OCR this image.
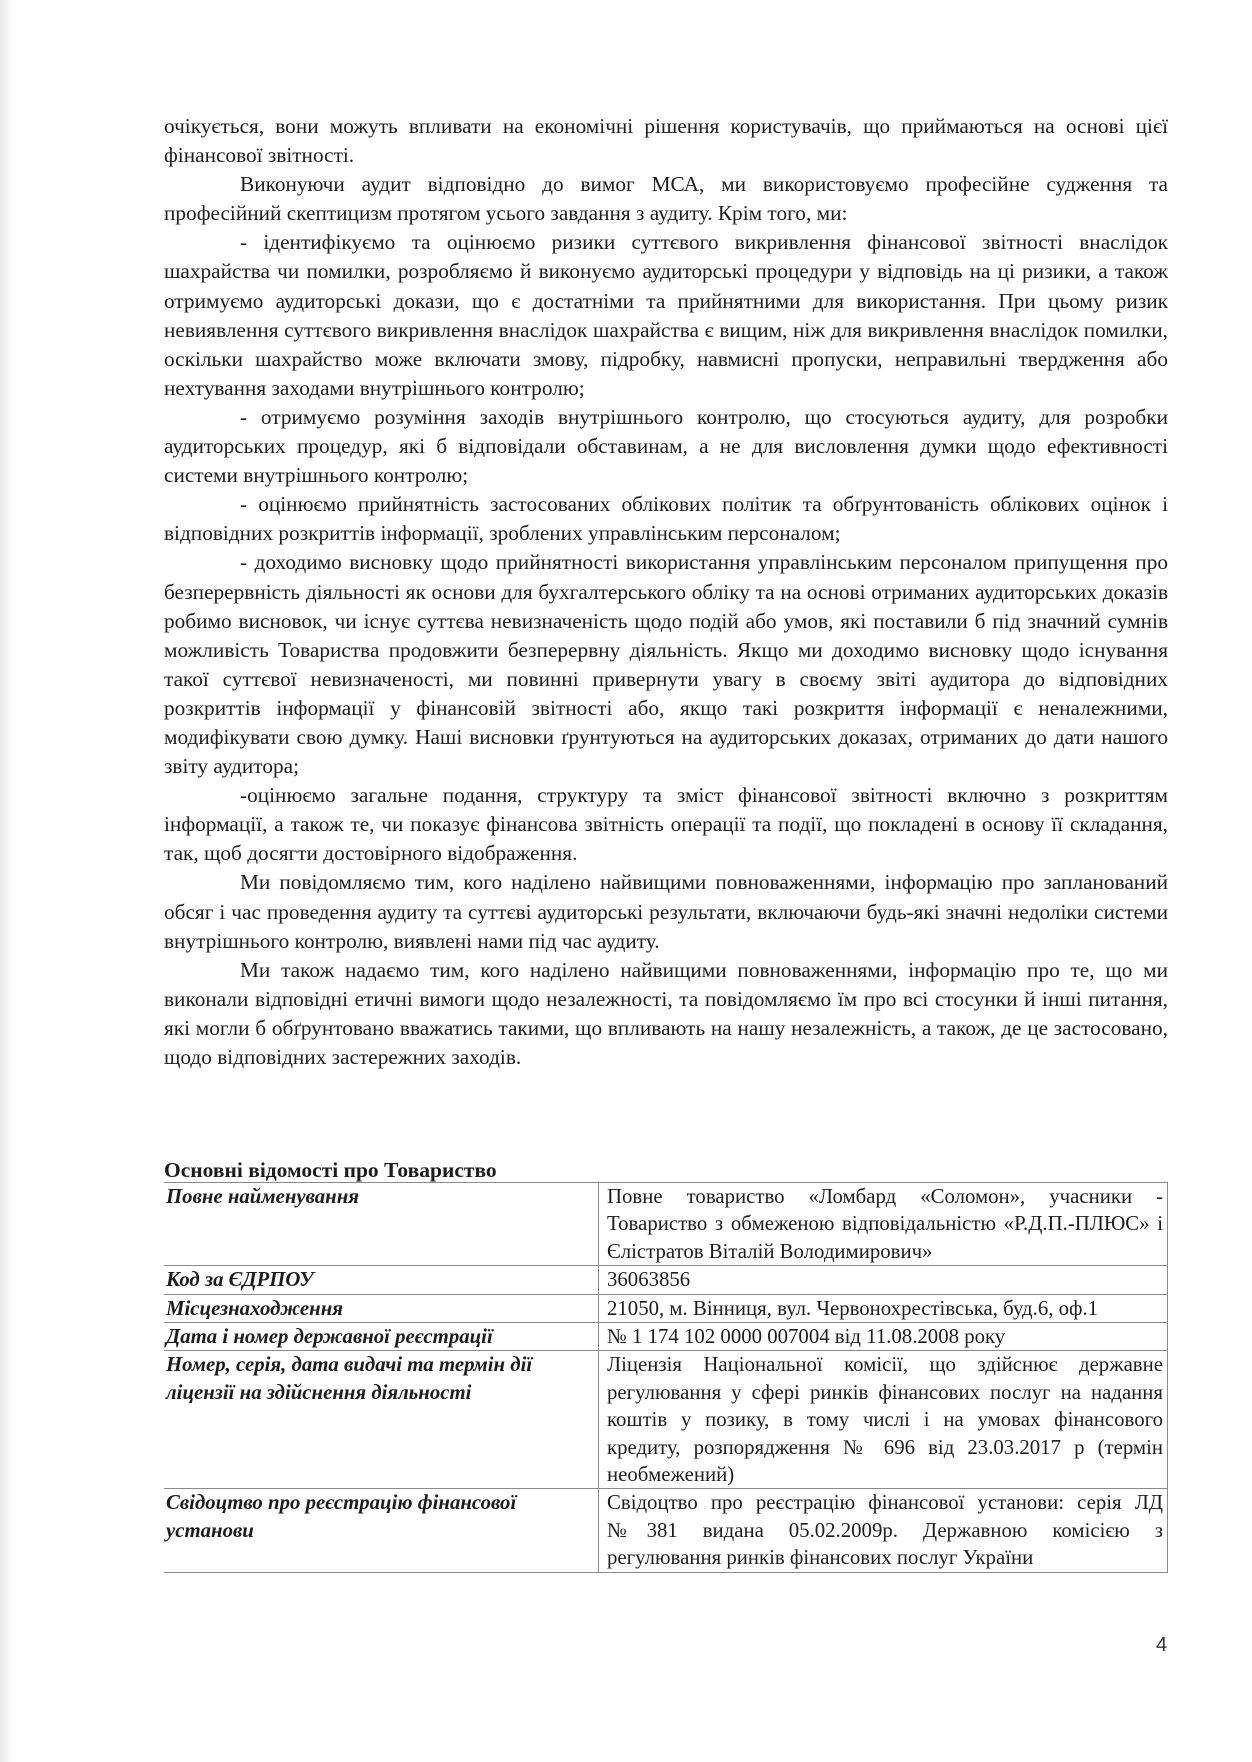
очікується, вони можуть впливати на економічні рішення користувачів, що приймаються на основі цієї фінансової звітності.

Виконуючи аудит відповідно до вимог МСА, ми використовуємо професійне судження та професійний скептицизм протягом усього завдання з аудиту. Крім того, ми:

- ідентифікуємо та оцінюємо ризики суттєвого викривлення фінансової звітності внаслідок шахрайства чи помилки, розробляємо й виконуємо аудиторські процедури у відповідь на ці ризики, а також отримуємо аудиторські докази, що є достатніми та прийнятними для використання. При цьому ризик невиявлення суттєвого викривлення внаслідок шахрайства є вищим, ніж для викривлення внаслідок помилки, оскільки шахрайство може включати змову, підробку, навмисні пропуски, неправильні твердження або нехтування заходами внутрішнього контролю;

- отримуємо розуміння заходів внутрішнього контролю, що стосуються аудиту, для розробки аудиторських процедур, які б відповідали обставинам, а не для висловлення думки щодо ефективності системи внутрішнього контролю;

- оцінюємо прийнятність застосованих облікових політик та обґрунтованість облікових оцінок і відповідних розкриттів інформації, зроблених управлінським персоналом;

- доходимо висновку щодо прийнятності використання управлінським персоналом припущення про безперервність діяльності як основи для бухгалтерського обліку та на основі отриманих аудиторських доказів робимо висновок, чи існує суттєва невизначеність щодо подій або умов, які поставили б під значний сумнів можливість Товариства продовжити безперервну діяльність. Якщо ми доходимо висновку щодо існування такої суттєвої невизначеності, ми повинні привернути увагу в своєму звіті аудитора до відповідних розкриттів інформації у фінансовій звітності або, якщо такі розкриття інформації є неналежними, модифікувати свою думку. Наші висновки ґрунтуються на аудиторських доказах, отриманих до дати нашого звіту аудитора;

-оцінюємо загальне подання, структуру та зміст фінансової звітності включно з розкриттям інформації, а також те, чи показує фінансова звітність операції та події, що покладені в основу її складання, так, щоб досягти достовірного відображення.

Ми повідомляємо тим, кого наділено найвищими повноваженнями, інформацію про запланований обсяг і час проведення аудиту та суттєві аудиторські результати, включаючи будь-які значні недоліки системи внутрішнього контролю, виявлені нами під час аудиту.

Ми також надаємо тим, кого наділено найвищими повноваженнями, інформацію про те, що ми виконали відповідні етичні вимоги щодо незалежності, та повідомляємо їм про всі стосунки й інші питання, які могли б обґрунтовано вважатись такими, що впливають на нашу незалежність, а також, де це застосовано, щодо відповідних застережних заходів.

Основні відомості про Товариство
Повне найменування	Повне товариство «Ломбард «Соломон», учасники - Товариство з обмеженою відповідальністю «Р.Д.П.-ПЛЮС» і Єлістратов Віталій Володимирович»
Код за ЄДРПОУ	36063856
Місцезнаходження	21050, м. Вінниця, вул. Червонохрестівська, буд.6, оф.1
Дата і номер державної реєстрації	№ 1 174 102 0000 007004 від 11.08.2008 року
Номер, серія, дата видачі та термін дії ліцензії на здійснення діяльності	Ліцензія Національної комісії, що здійснює державне регулювання у сфері ринків фінансових послуг на надання коштів у позику, в тому числі і на умовах фінансового кредиту, розпорядження № 696 від 23.03.2017 р (термін необмежений)
Свідоцтво про реєстрацію фінансової установи	Свідоцтво про реєстрацію фінансової установи: серія ЛД №381 видана 05.02.2009р. Державною комісією з регулювання ринків фінансових послуг України
4
